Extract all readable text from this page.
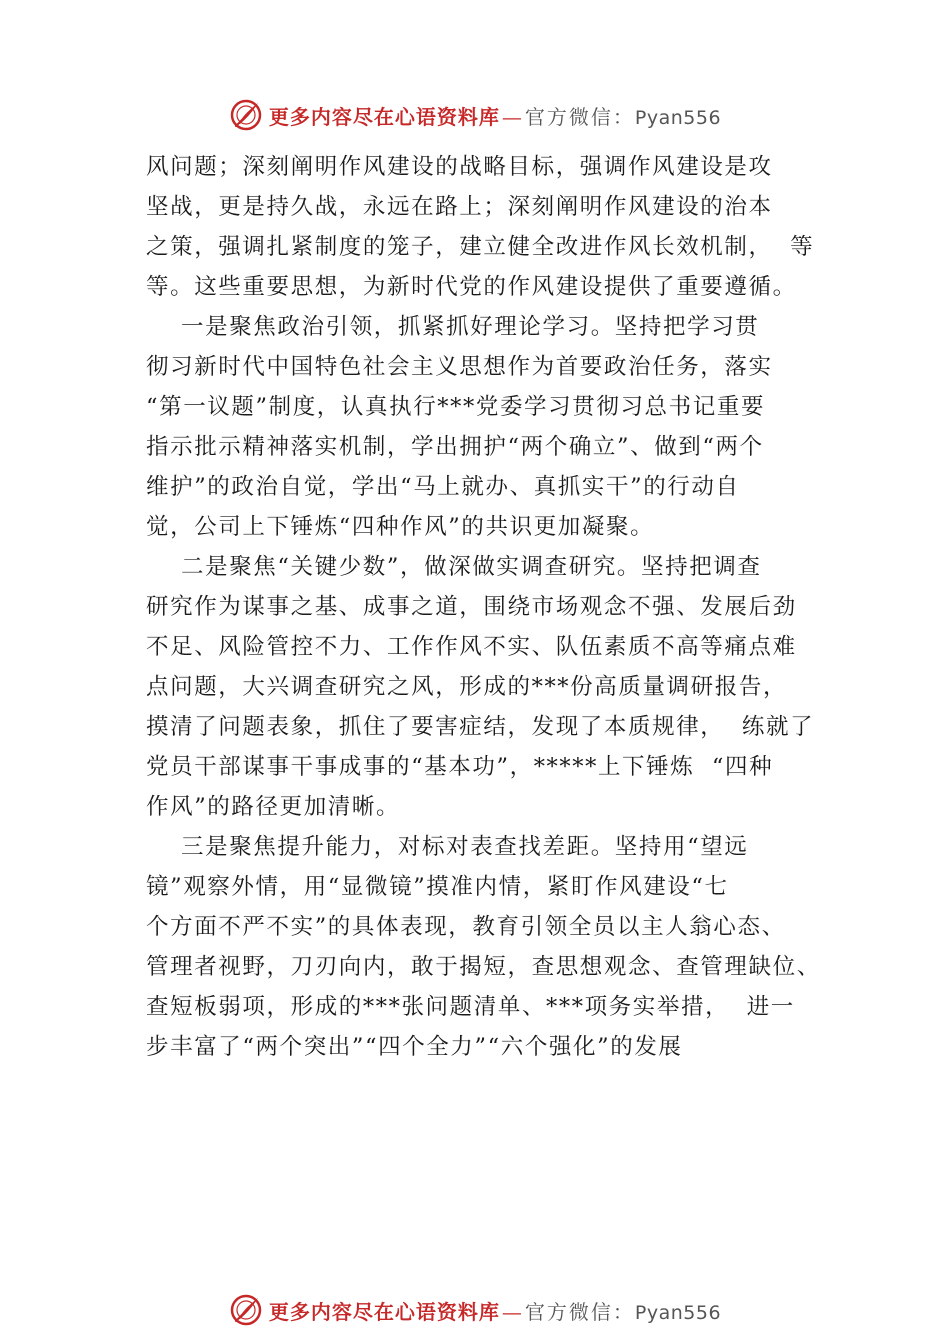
更多内容尽在心语资料库 — 官方微信： Pyan556
风问题；深刻阐明作风建设的战略目标，强调作风建设是攻
坚战，更是持久战，永远在路上；深刻阐明作风建设的治本
之策，强调扎紧制度的笼子，建立健全改进作风长效机制，  等
等。这些重要思想，为新时代党的作风建设提供了重要遵循。
一是聚焦政治引领，抓紧抓好理论学习。坚持把学习贯
彻习新时代中国特色社会主义思想作为首要政治任务，落实
“第一议题”制度，认真执行***党委学习贯彻习总书记重要
指示批示精神落实机制，学出拥护“两个确立”、做到“两个
维护”的政治自觉，学出“马上就办、真抓实干”的行动自
觉，公司上下锤炼“四种作风”的共识更加凝聚。
二是聚焦“关键少数”，做深做实调查研究。坚持把调查
研究作为谋事之基、成事之道，围绕市场观念不强、发展后劲
不足、风险管控不力、工作作风不实、队伍素质不高等痛点难
点问题，大兴调查研究之风，形成的***份高质量调研报告，
摸清了问题表象，抓住了要害症结，发现了本质规律，  练就了
党员干部谋事干事成事的“基本功”，*****上下锤炼  “四种
作风”的路径更加清晰。
三是聚焦提升能力，对标对表查找差距。坚持用“望远
镜”观察外情，用“显微镜”摸准内情，紧盯作风建设“七
个方面不严不实”的具体表现，教育引领全员以主人翁心态、
管理者视野，刀刃向内，敢于揭短，查思想观念、查管理缺位、
查短板弱项，形成的***张问题清单、***项务实举措，  进一
步丰富了“两个突出”“四个全力”“六个强化”的发展
更多内容尽在心语资料库 — 官方微信： Pyan556
